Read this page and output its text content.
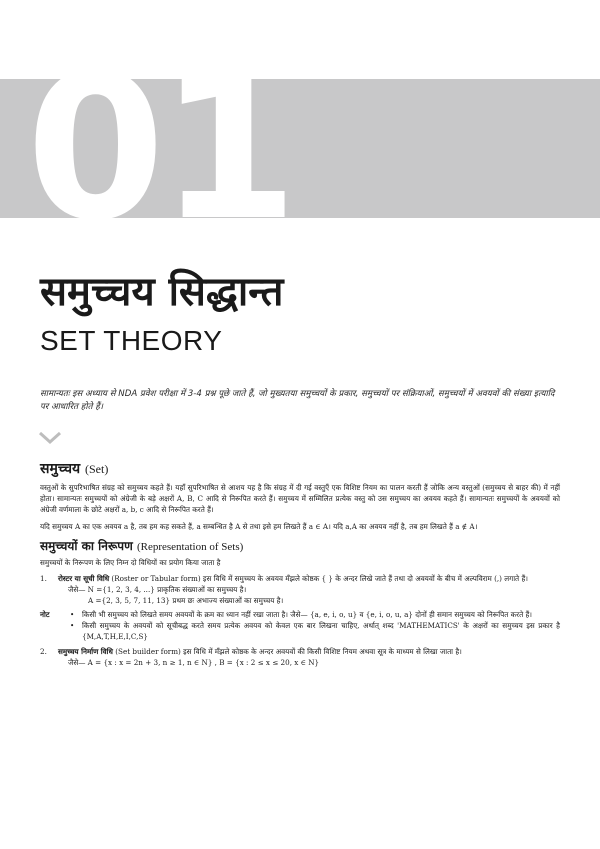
01
समुच्चय सिद्धान्त
SET THEORY
सामान्यतः इस अध्याय से NDA प्रवेश परीक्षा में 3-4 प्रश्न पूछे जाते हैं, जो मुख्यतया समुच्चयों के प्रकार, समुच्चयों पर संक्रियाओं, समुच्चयों में अवयवों की संख्या इत्यादि पर आधारित होते हैं।
समुच्चय (Set)

वस्तुओं के सुपरिभाषित संग्रह को समुच्चय कहते हैं। यहाँ सुपरिभाषित से आशय यह है कि संग्रह में दी गई वस्तुएँ एक विशिष्ट नियम का पालन करती हैं जोकि अन्य वस्तुओं (समुच्चय से बाहर की) में नहीं होता। सामान्यतः समुच्चयों को अंग्रेजी के बड़े अक्षरों A, B, C आदि से निरूपित करते हैं। समुच्चय में सम्मिलित प्रत्येक वस्तु को उस समुच्चय का अवयव कहते हैं। सामान्यतः समुच्चयों के अवयवों को अंग्रेजी वर्णमाला के छोटे अक्षरों a, b, c आदि से निरूपित करते हैं।

यदि समुच्चय A का एक अवयव a है, तब हम कह सकते हैं, a सम्बन्धित है A से तथा इसे हम लिखते हैं a ∈ A। यदि a,A का अवयव नहीं है, तब हम लिखते हैं a ∉ A।

समुच्चयों का निरूपण (Representation of Sets)

समुच्चयों के निरूपण के लिए निम्न दो विधियों का प्रयोग किया जाता है

1.	रोस्टर या सूची विधि (Roster or Tabular form) इस विधि में समुच्चय के अवयव मँझले कोष्ठक { } के अन्दर लिखे जाते हैं तथा दो अवयवों के बीच में अल्पविराम (,) लगाते हैं।
जैसे— N ={1, 2, 3, 4, ...} प्राकृतिक संख्याओं का समुच्चय है।
A ={2, 3, 5, 7, 11, 13} प्रथम छः अभाज्य संख्याओं का समुच्चय है।
नोट	•	किसी भी समुच्चय को लिखते समय अवयवों के क्रम का ध्यान नहीं रखा जाता है। जैसे— {a, e, i, o, u} व {e, i, o, u, a} दोनों ही समान समुच्चय को निरूपित करते हैं।
•	किसी समुच्चय के अवयवों को सूचीबद्ध करते समय प्रत्येक अवयव को केवल एक बार लिखना चाहिए, अर्थात् शब्द 'MATHEMATICS' के अक्षरों का समुच्चय इस प्रकार है {M,A,T,H,E,I,C,S}
2.	समुच्चय निर्माण विधि (Set builder form) इस विधि में मँझले कोष्ठक के अन्दर अवयवों की किसी विशिष्ट नियम अथवा सूत्र के माध्यम से लिखा जाता है।
जैसे— A = {x : x = 2n + 3, n ≥ 1, n ∈ N} , B = {x : 2 ≤ x ≤ 20, x ∈ N}
